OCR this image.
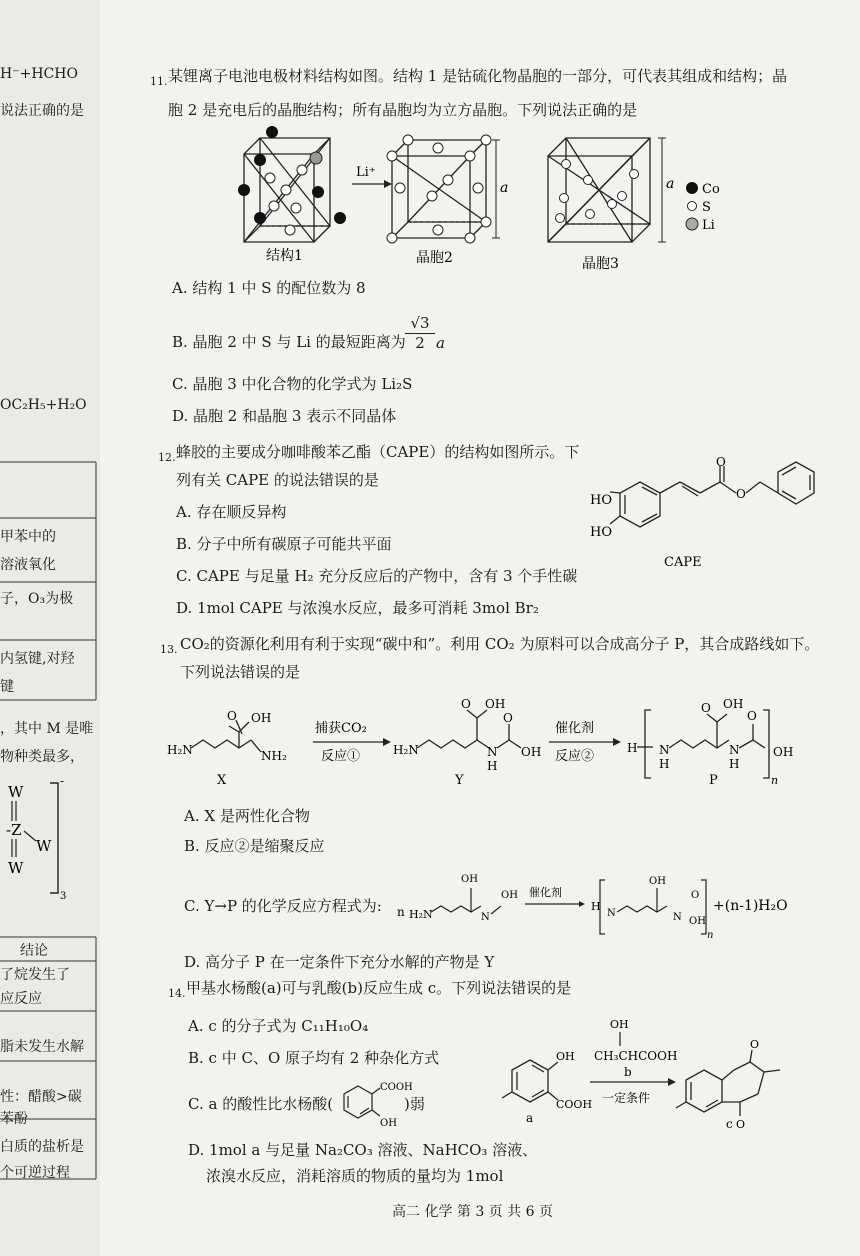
H⁻+HCHO
说法正确的是
OC₂H₅+H₂O
甲苯中的
溶液氧化
子，O₃为极
内氢键,对羟
键
，其中 M 是唯
物种类最多，
W
-Z
W
W
-
3
结论
了烷发生了
应反应
脂未发生水解
性：醋酸>碳
苯酚
白质的盐析是
个可逆过程
11. 某锂离子电池电极材料结构如图。结构 1 是钴硫化物晶胞的一部分，可代表其组成和结构；晶
胞 2 是充电后的晶胞结构；所有晶胞均为立方晶胞。下列说法正确的是
结构1
Li⁺
a
晶胞2
a
晶胞3
Co
S
Li
A. 结构 1 中 S 的配位数为 8
B. 晶胞 2 中 S 与 Li 的最短距离为 $\frac{√3}{2}$ a
C. 晶胞 3 中化合物的化学式为 Li₂S
D. 晶胞 2 和晶胞 3 表示不同晶体
12. 蜂胶的主要成分咖啡酸苯乙酯（CAPE）的结构如图所示。下
列有关 CAPE 的说法错误的是
A. 存在顺反异构
B. 分子中所有碳原子可能共平面
C. CAPE 与足量 H₂ 充分反应后的产物中，含有 3 个手性碳
D. 1mol CAPE 与浓溴水反应，最多可消耗 3mol Br₂
HO
HO
O
O
CAPE
13. CO₂的资源化利用有利于实现“碳中和”。利用 CO₂ 为原料可以合成高分子 P，其合成路线如下。
下列说法错误的是
H₂N
O OH
NH₂
X
捕获CO₂
反应①	H₂N
O OH
N
H
O
OH
Y
催化剂
反应②
H N
H
O OH
N
H
O
OH
n
P
A. X 是两性化合物
B. 反应②是缩聚反应
C. Y→P 的化学反应方程式为: n H₂N
OH
N
OH 催化剂
H
N
OH
N
O
OH
n
+(n-1)H₂O
D. 高分子 P 在一定条件下充分水解的产物是 Y
14. 甲基水杨酸(a)可与乳酸(b)反应生成 c。下列说法错误的是
A. c 的分子式为 C₁₁H₁₀O₄
B. c 中 C、O 原子均有 2 种杂化方式
C. a 的酸性比水杨酸(
COOH
OH
)弱
D. 1mol a 与足量 Na₂CO₃ 溶液、NaHCO₃ 溶液、
浓溴水反应，消耗溶质的物质的量均为 1mol
OH
CH₃CHCOOH
b
一定条件
OH
COOH
a
O
O
c
高二 化学 第 3 页 共 6 页
